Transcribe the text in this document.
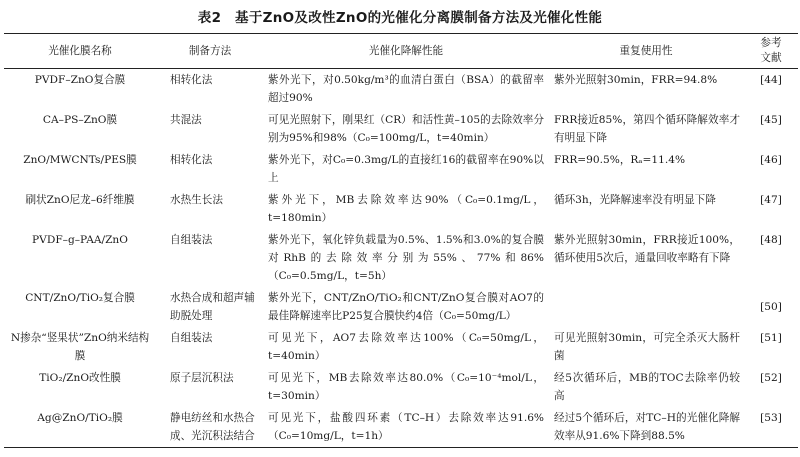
表2　基于ZnO及改性ZnO的光催化分离膜制备方法及光催化性能
光催化膜名称	制备方法	光催化降解性能	重复使用性	参考
文献
PVDF–ZnO复合膜	相转化法	紫外光下，对0.50kg/m³的血清白蛋白（BSA）的截留率超过90%	紫外光照射30min，FRR=94.8%	[44]
CA–PS–ZnO膜	共混法	可见光照射下，刚果红（CR）和活性黄–105的去除效率分别为95%和98%（C₀=100mg/L，t=40min）	FRR接近85%，第四个循环降解效率才有明显下降	[45]
ZnO/MWCNTs/PES膜	相转化法	紫外光下，对C₀=0.3mg/L的直接红16的截留率在90%以上	FRR=90.5%，Rₐ=11.4%	[46]
刷状ZnO尼龙–6纤维膜	水热生长法	紫外光下，MB去除效率达90%（C₀=0.1mg/L，t=180min）	循环3h，光降解速率没有明显下降	[47]
PVDF–g–PAA/ZnO	自组装法	紫外光下，氧化锌负载量为0.5%、1.5%和3.0%的复合膜对RhB的去除效率分别为55%、77%和86%（C₀=0.5mg/L，t=5h）	紫外光照射30min，FRR接近100%，循环使用5次后，通量回收率略有下降	[48]
CNT/ZnO/TiO₂复合膜	水热合成和超声辅助脱处理	紫外光下，CNT/ZnO/TiO₂和CNT/ZnO复合膜对AO7的最佳降解速率比P25复合膜快约4倍（C₀=50mg/L）		[50]
N掺杂“竖果状”ZnO纳米结构膜	自组装法	可见光下，AO7去除效率达100%（C₀=50mg/L，t=40min）	可见光照射30min，可完全杀灭大肠杆菌	[51]
TiO₂/ZnO改性膜	原子层沉积法	可见光下，MB去除效率达80.0%（C₀=10⁻⁴mol/L，t=30min）	经5次循环后，MB的TOC去除率仍较高	[52]
Ag@ZnO/TiO₂膜	静电纺丝和水热合成、光沉积法结合	可见光下，盐酸四环素（TC–H）去除效率达91.6%（C₀=10mg/L，t=1h）	经过5个循环后，对TC–H的光催化降解效率从91.6%下降到88.5%	[53]
